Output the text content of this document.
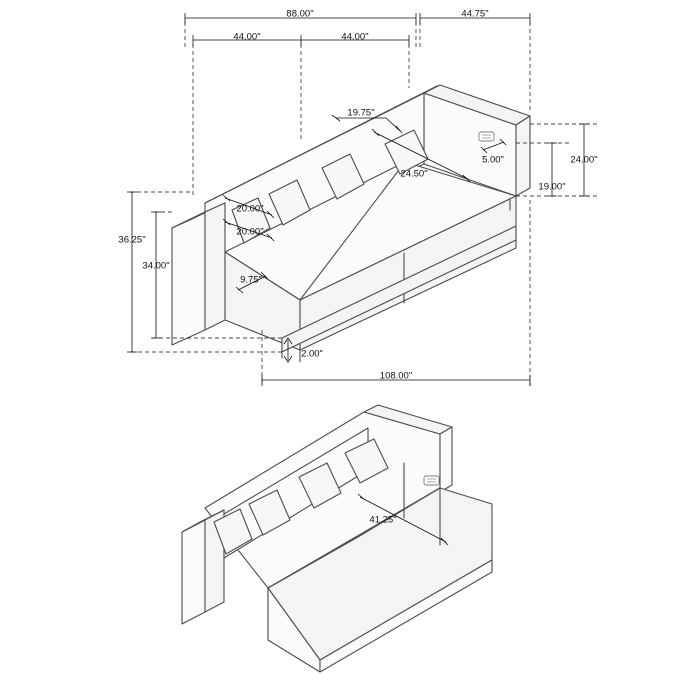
88.00"	44.75"
44.00"	44.00"
19.75"
5.00"	24.00"
19.00"
24.50"
20.00"
20.00"
36.25"
34.00"
9.75"
2.00"
108.00"
41.25"
